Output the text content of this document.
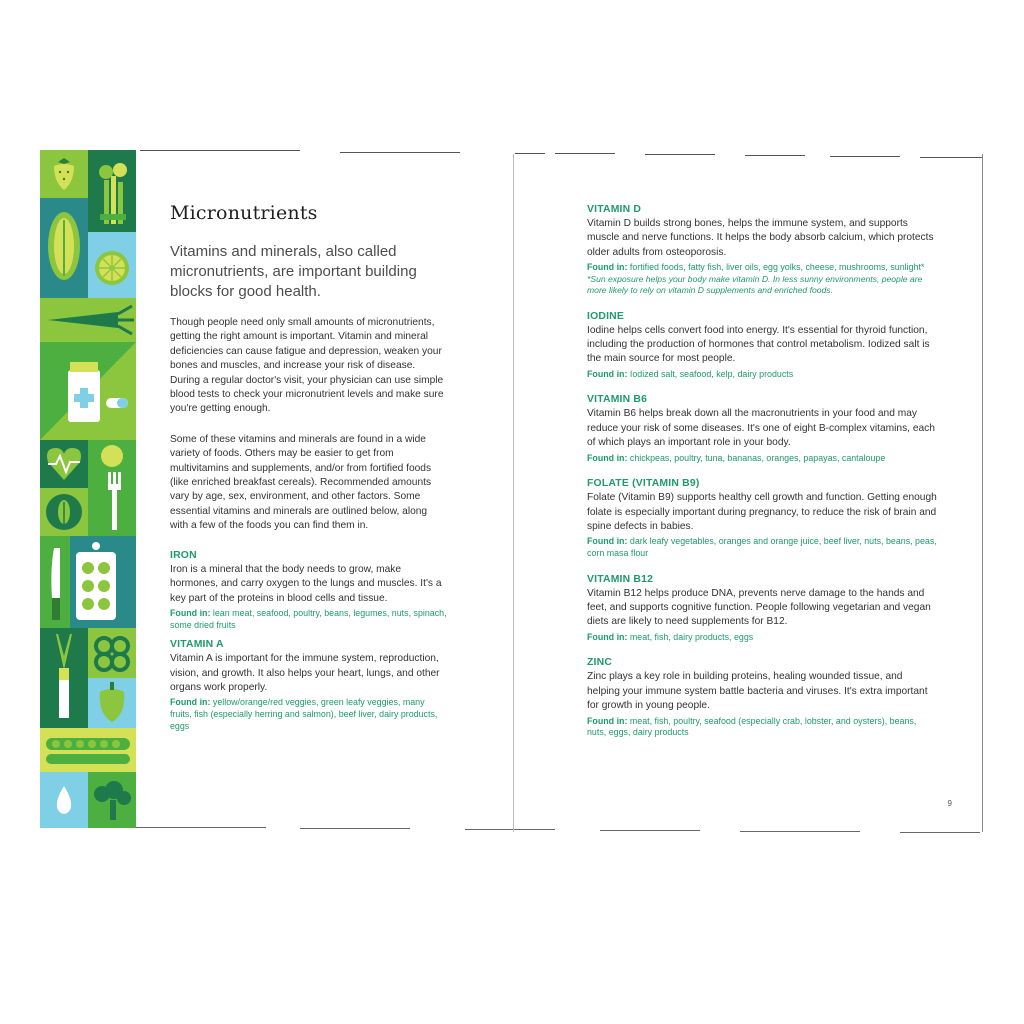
Micronutrients

Vitamins and minerals, also called micronutrients, are important building blocks for good health.

Though people need only small amounts of micronutrients, getting the right amount is important. Vitamin and mineral deficiencies can cause fatigue and depression, weaken your bones and muscles, and increase your risk of disease. During a regular doctor's visit, your physician can use simple blood tests to check your micronutrient levels and make sure you're getting enough.

Some of these vitamins and minerals are found in a wide variety of foods. Others may be easier to get from multivitamins and supplements, and/or from fortified foods (like enriched breakfast cereals). Recommended amounts vary by age, sex, environment, and other factors. Some essential vitamins and minerals are outlined below, along with a few of the foods you can find them in.

IRON

Iron is a mineral that the body needs to grow, make hormones, and carry oxygen to the lungs and muscles. It's a key part of the proteins in blood cells and tissue.

Found in: lean meat, seafood, poultry, beans, legumes, nuts, spinach, some dried fruits

VITAMIN A

Vitamin A is important for the immune system, reproduction, vision, and growth. It also helps your heart, lungs, and other organs work properly.

Found in: yellow/orange/red veggies, green leafy veggies, many fruits, fish (especially herring and salmon), beef liver, dairy products, eggs

VITAMIN D

Vitamin D builds strong bones, helps the immune system, and supports muscle and nerve functions. It helps the body absorb calcium, which protects older adults from osteoporosis.

Found in: fortified foods, fatty fish, liver oils, egg yolks, cheese, mushrooms, sunlight*

*Sun exposure helps your body make vitamin D. In less sunny environments, people are more likely to rely on vitamin D supplements and enriched foods.

IODINE

Iodine helps cells convert food into energy. It's essential for thyroid function, including the production of hormones that control metabolism. Iodized salt is the main source for most people.

Found in: Iodized salt, seafood, kelp, dairy products

VITAMIN B6

Vitamin B6 helps break down all the macronutrients in your food and may reduce your risk of some diseases. It's one of eight B-complex vitamins, each of which plays an important role in your body.

Found in: chickpeas, poultry, tuna, bananas, oranges, papayas, cantaloupe

FOLATE (VITAMIN B9)

Folate (Vitamin B9) supports healthy cell growth and function. Getting enough folate is especially important during pregnancy, to reduce the risk of brain and spine defects in babies.

Found in: dark leafy vegetables, oranges and orange juice, beef liver, nuts, beans, peas, corn masa flour

VITAMIN B12

Vitamin B12 helps produce DNA, prevents nerve damage to the hands and feet, and supports cognitive function. People following vegetarian and vegan diets are likely to need supplements for B12.

Found in: meat, fish, dairy products, eggs

ZINC

Zinc plays a key role in building proteins, healing wounded tissue, and helping your immune system battle bacteria and viruses. It's extra important for growth in young people.

Found in: meat, fish, poultry, seafood (especially crab, lobster, and oysters), beans, nuts, eggs, dairy products

9
